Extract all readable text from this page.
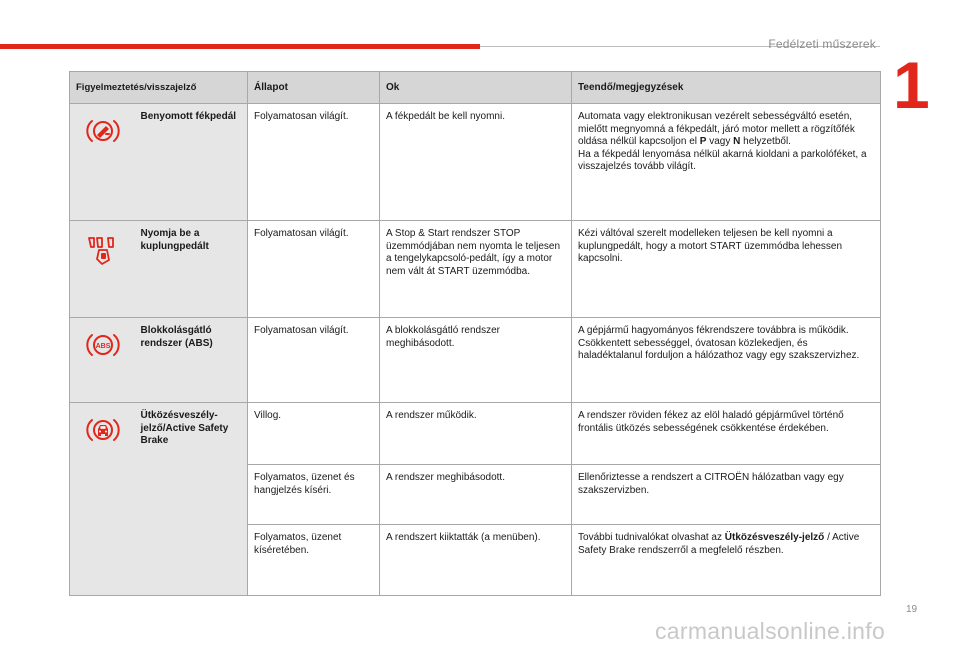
Fedélzeti műszerek
1
Figyelmeztetés/visszajelző		Állapot	Ok	Teendő/megjegyzések
	Benyomott fékpedál	Folyamatosan világít.	A fékpedált be kell nyomni.	Automata vagy elektronikusan vezérelt sebességváltó esetén, mielőtt megnyomná a fékpedált, járó motor mellett a rögzítőfék oldása nélkül kapcsoljon el P vagy N helyzetből.
Ha a fékpedál lenyomása nélkül akarná kioldani a parkolóféket, a visszajelzés tovább világít.
	Nyomja be a kuplungpedált	Folyamatosan világít.	A Stop & Start rendszer STOP üzemmódjában nem nyomta le teljesen a tengelykapcsoló-pedált, így a motor nem vált át START üzemmódba.	Kézi váltóval szerelt modelleken teljesen be kell nyomni a kuplungpedált, hogy a motort START üzemmódba lehessen kapcsolni.

ABS	Blokkolásgátló rendszer (ABS)	Folyamatosan világít.	A blokkolásgátló rendszer meghibásodott.	A gépjármű hagyományos fékrendszere továbbra is működik.
Csökkentett sebességgel, óvatosan közlekedjen, és haladéktalanul forduljon a hálózathoz vagy egy szakszervizhez.
	Ütközésveszély-jelző/Active Safety Brake	Villog.	A rendszer működik.	A rendszer röviden fékez az elöl haladó gépjárművel történő frontális ütközés sebességének csökkentése érdekében.
		Folyamatos, üzenet és hangjelzés kíséri.	A rendszer meghibásodott.	Ellenőriztesse a rendszert a CITROËN hálózatban vagy egy szakszervizben.
		Folyamatos, üzenet kíséretében.	A rendszert kiiktatták (a menüben).	További tudnivalókat olvashat az Ütközésveszély-jelző / Active Safety Brake rendszerről a megfelelő részben.
19
carmanualsonline.info
